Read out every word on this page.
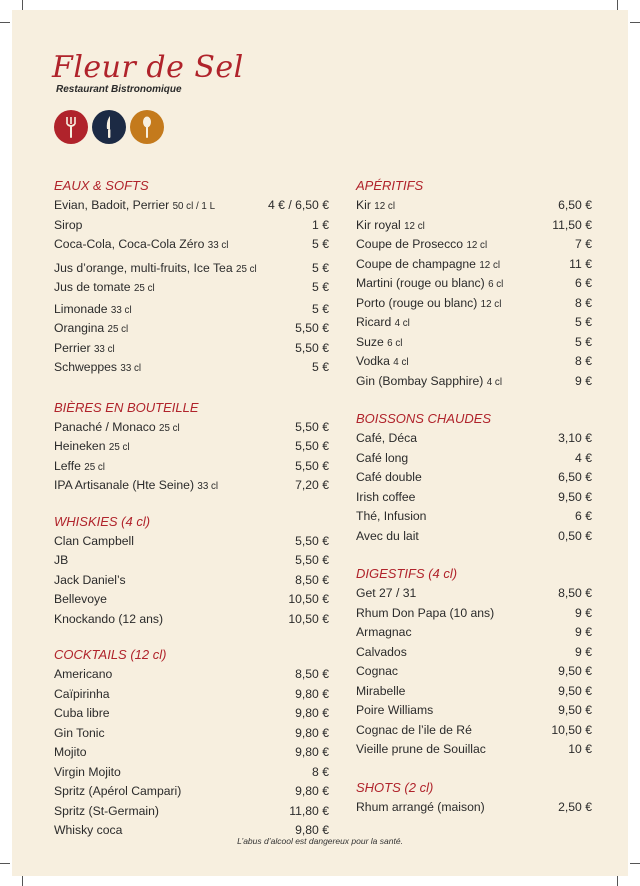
Fleur de Sel
Restaurant Bistronomique
EAUX & SOFTS
Evian, Badoit, Perrier 50 cl / 1 L	4 € / 6,50 €
Sirop	1 €
Coca-Cola, Coca-Cola Zéro 33 cl	5 €
Jus d’orange, multi-fruits, Ice Tea 25 cl	5 €
Jus de tomate 25 cl	5 €
Limonade 33 cl	5 €
Orangina 25 cl	5,50 €
Perrier 33 cl	5,50 €
Schweppes 33 cl	5 €
BIÈRES EN BOUTEILLE
Panaché / Monaco 25 cl	5,50 €
Heineken 25 cl	5,50 €
Leffe 25 cl	5,50 €
IPA Artisanale (Hte Seine) 33 cl	7,20 €
WHISKIES (4 cl)
Clan Campbell	5,50 €
JB	5,50 €
Jack Daniel’s	8,50 €
Bellevoye	10,50 €
Knockando (12 ans)	10,50 €
COCKTAILS (12 cl)
Americano	8,50 €
Caïpirinha	9,80 €
Cuba libre	9,80 €
Gin Tonic	9,80 €
Mojito	9,80 €
Virgin Mojito	8 €
Spritz (Apérol Campari)	9,80 €
Spritz (St-Germain)	11,80 €
Whisky coca	9,80 €
APÉRITIFS
Kir 12 cl	6,50 €
Kir royal 12 cl	11,50 €
Coupe de Prosecco 12 cl	7 €
Coupe de champagne 12 cl	11 €
Martini (rouge ou blanc) 6 cl	6 €
Porto (rouge ou blanc) 12 cl	8 €
Ricard 4 cl	5 €
Suze 6 cl	5 €
Vodka 4 cl	8 €
Gin (Bombay Sapphire) 4 cl	9 €
BOISSONS CHAUDES
Café, Déca	3,10 €
Café long	4 €
Café double	6,50 €
Irish coffee	9,50 €
Thé, Infusion	6 €
Avec du lait	0,50 €
DIGESTIFS (4 cl)
Get 27 / 31	8,50 €
Rhum Don Papa (10 ans)	9 €
Armagnac	9 €
Calvados	9 €
Cognac	9,50 €
Mirabelle	9,50 €
Poire Williams	9,50 €
Cognac de l’ile de Ré	10,50 €
Vieille prune de Souillac	10 €
SHOTS (2 cl)
Rhum arrangé (maison)	2,50 €
L’abus d’alcool est dangereux pour la santé.
